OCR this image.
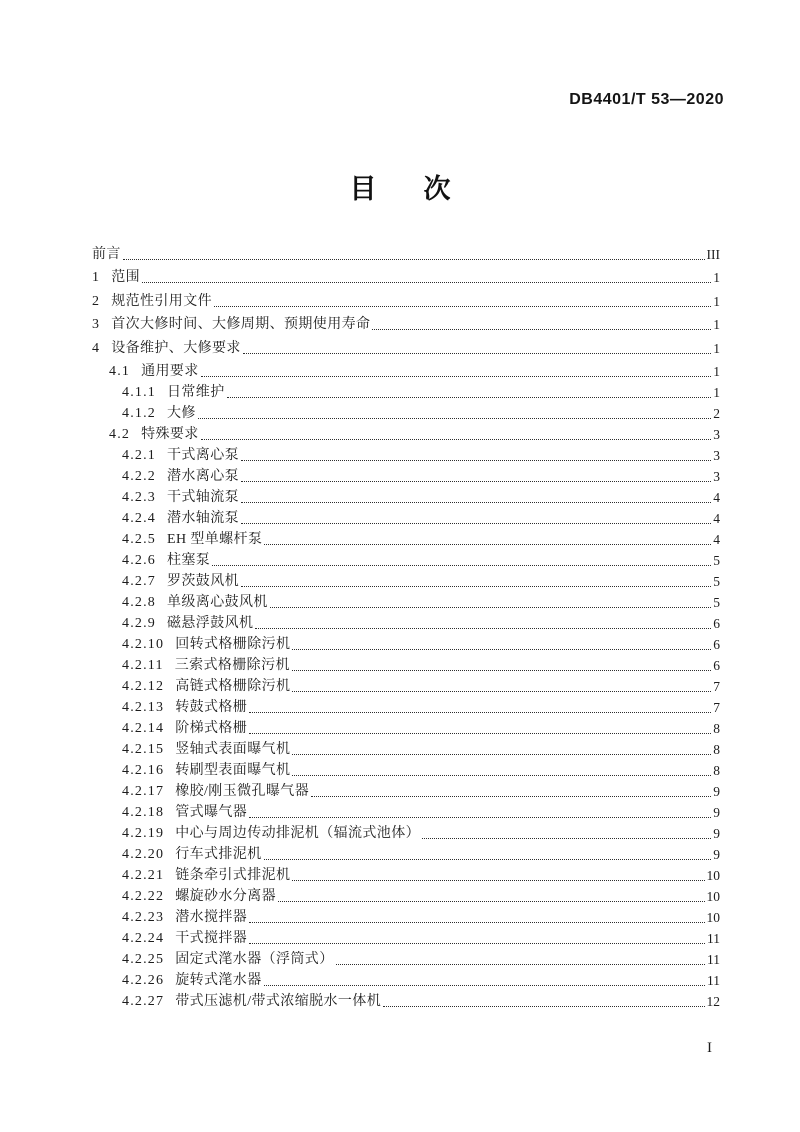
DB4401/T 53—2020
目 次
前言	III
1 范围	1
2 规范性引用文件	1
3 首次大修时间、大修周期、预期使用寿命	1
4 设备维护、大修要求	1
4.1 通用要求	1
4.1.1 日常维护	1
4.1.2 大修	2
4.2 特殊要求	3
4.2.1 干式离心泵	3
4.2.2 潜水离心泵	3
4.2.3 干式轴流泵	4
4.2.4 潜水轴流泵	4
4.2.5 EH 型单螺杆泵	4
4.2.6 柱塞泵	5
4.2.7 罗茨鼓风机	5
4.2.8 单级离心鼓风机	5
4.2.9 磁悬浮鼓风机	6
4.2.10 回转式格栅除污机	6
4.2.11 三索式格栅除污机	6
4.2.12 高链式格栅除污机	7
4.2.13 转鼓式格栅	7
4.2.14 阶梯式格栅	8
4.2.15 竖轴式表面曝气机	8
4.2.16 转刷型表面曝气机	8
4.2.17 橡胶/刚玉微孔曝气器	9
4.2.18 管式曝气器	9
4.2.19 中心与周边传动排泥机（辐流式池体）	9
4.2.20 行车式排泥机	9
4.2.21 链条牵引式排泥机	10
4.2.22 螺旋砂水分离器	10
4.2.23 潜水搅拌器	10
4.2.24 干式搅拌器	11
4.2.25 固定式滗水器（浮筒式）	11
4.2.26 旋转式滗水器	11
4.2.27 带式压滤机/带式浓缩脱水一体机	12
I
